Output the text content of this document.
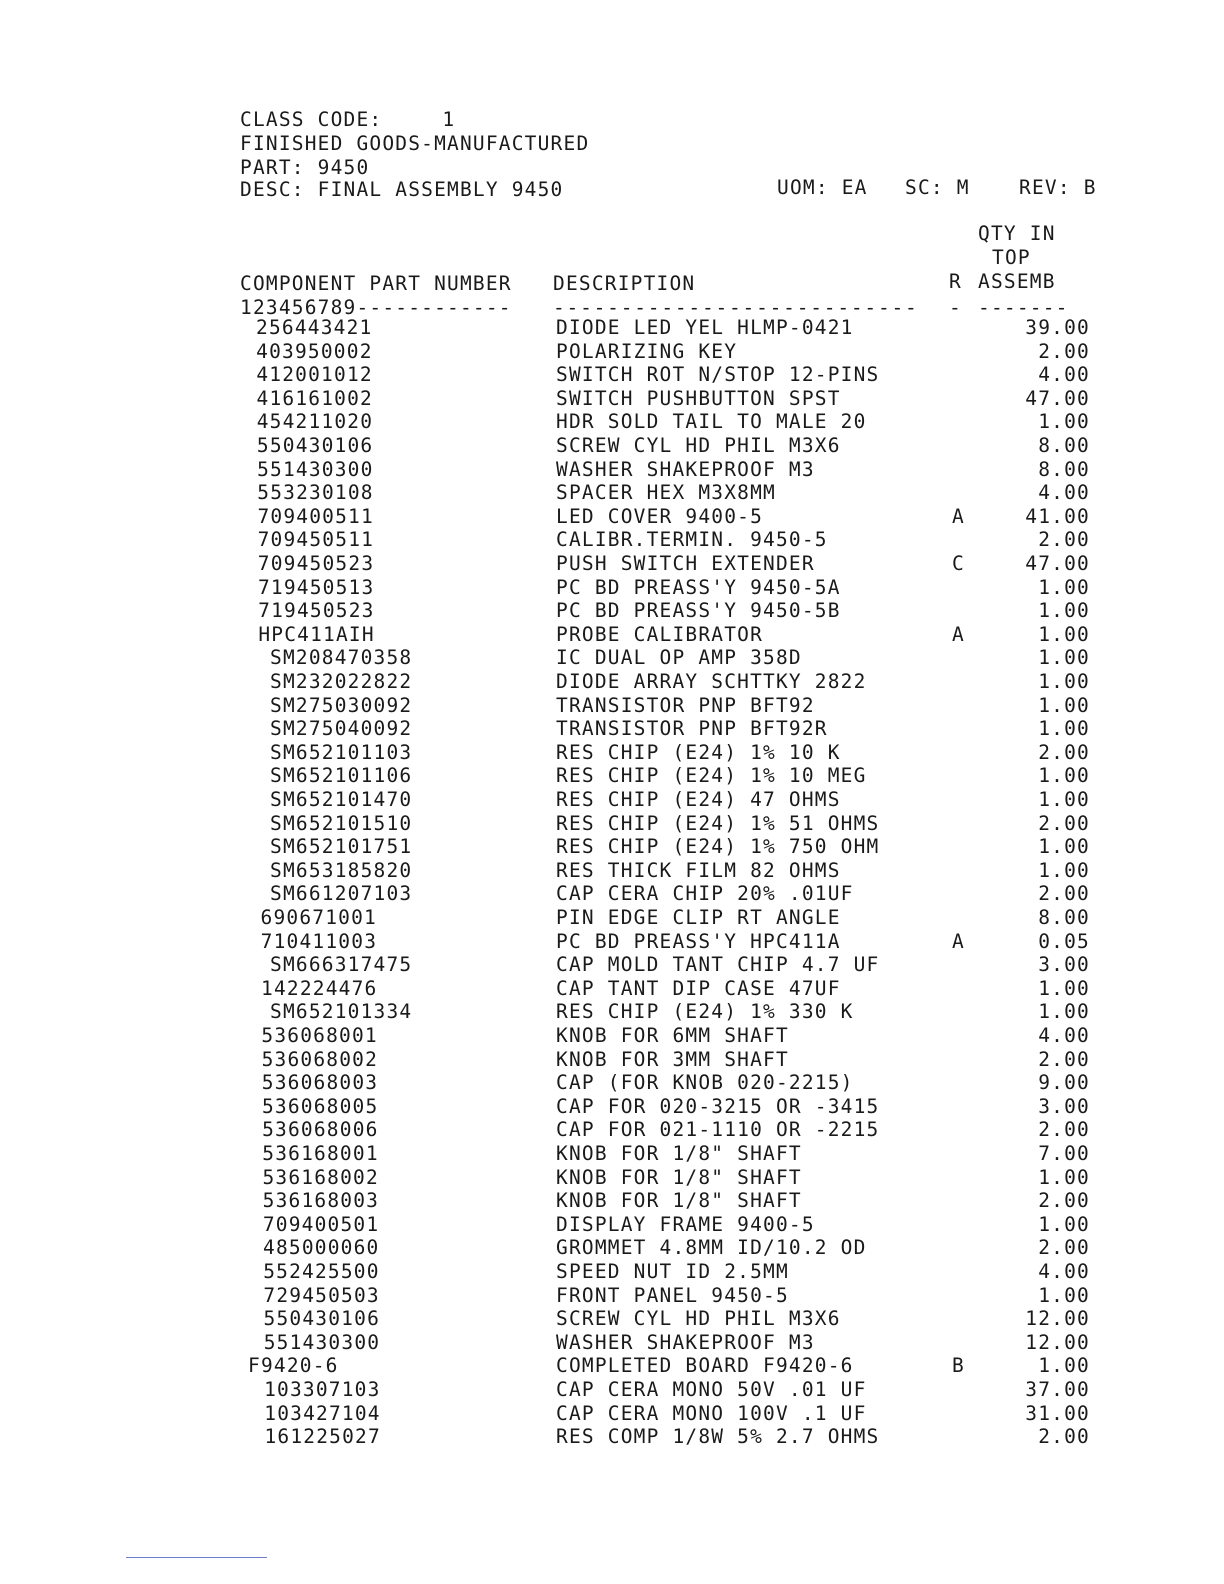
CLASS CODE:	1
FINISHED GOODS-MANUFACTURED
PART: 9450
DESC: FINAL ASSEMBLY 9450	UOM: EA SC: M	REV: B
QTY IN
TOP
COMPONENT PART NUMBER DESCRIPTION	R ASSEMB
123456789------------ --------------------------- - -------
256443421	DIODE LED YEL HLMP-0421	39.00
403950002	POLARIZING KEY	2.00
412001012	SWITCH ROT N/STOP 12-PINS	4.00
416161002	SWITCH PUSHBUTTON SPST	47.00
454211020	HDR SOLD TAIL TO MALE 20	1.00
550430106	SCREW CYL HD PHIL M3X6	8.00
551430300	WASHER SHAKEPROOF M3	8.00
553230108	SPACER HEX M3X8MM	4.00
709400511	LED COVER 9400-5	A	41.00
709450511	CALIBR.TERMIN. 9450-5	2.00
709450523	PUSH SWITCH EXTENDER	C	47.00
719450513	PC BD PREASS'Y 9450-5A	1.00
719450523	PC BD PREASS'Y 9450-5B	1.00
HPC411AIH	PROBE CALIBRATOR	A	1.00
SM208470358	IC DUAL OP AMP 358D	1.00
SM232022822	DIODE ARRAY SCHTTKY 2822	1.00
SM275030092	TRANSISTOR PNP BFT92	1.00
SM275040092	TRANSISTOR PNP BFT92R	1.00
SM652101103	RES CHIP (E24) 1% 10 K	2.00
SM652101106	RES CHIP (E24) 1% 10 MEG	1.00
SM652101470	RES CHIP (E24) 47 OHMS	1.00
SM652101510	RES CHIP (E24) 1% 51 OHMS	2.00
SM652101751	RES CHIP (E24) 1% 750 OHM	1.00
SM653185820	RES THICK FILM 82 OHMS	1.00
SM661207103	CAP CERA CHIP 20% .01UF	2.00
690671001	PIN EDGE CLIP RT ANGLE	8.00
710411003	PC BD PREASS'Y HPC411A	A	0.05
SM666317475	CAP MOLD TANT CHIP 4.7 UF	3.00
142224476	CAP TANT DIP CASE 47UF	1.00
SM652101334	RES CHIP (E24) 1% 330 K	1.00
536068001	KNOB FOR 6MM SHAFT	4.00
536068002	KNOB FOR 3MM SHAFT	2.00
536068003	CAP (FOR KNOB 020-2215)	9.00
536068005	CAP FOR 020-3215 OR -3415	3.00
536068006	CAP FOR 021-1110 OR -2215	2.00
536168001	KNOB FOR 1/8" SHAFT	7.00
536168002	KNOB FOR 1/8" SHAFT	1.00
536168003	KNOB FOR 1/8" SHAFT	2.00
709400501	DISPLAY FRAME 9400-5	1.00
485000060	GROMMET 4.8MM ID/10.2 OD	2.00
552425500	SPEED NUT ID 2.5MM	4.00
729450503	FRONT PANEL 9450-5	1.00
550430106	SCREW CYL HD PHIL M3X6	12.00
551430300	WASHER SHAKEPROOF M3	12.00
F9420-6	COMPLETED BOARD F9420-6	B	1.00
103307103	CAP CERA MONO 50V .01 UF	37.00
103427104	CAP CERA MONO 100V .1 UF	31.00
161225027	RES COMP 1/8W 5% 2.7 OHMS	2.00
